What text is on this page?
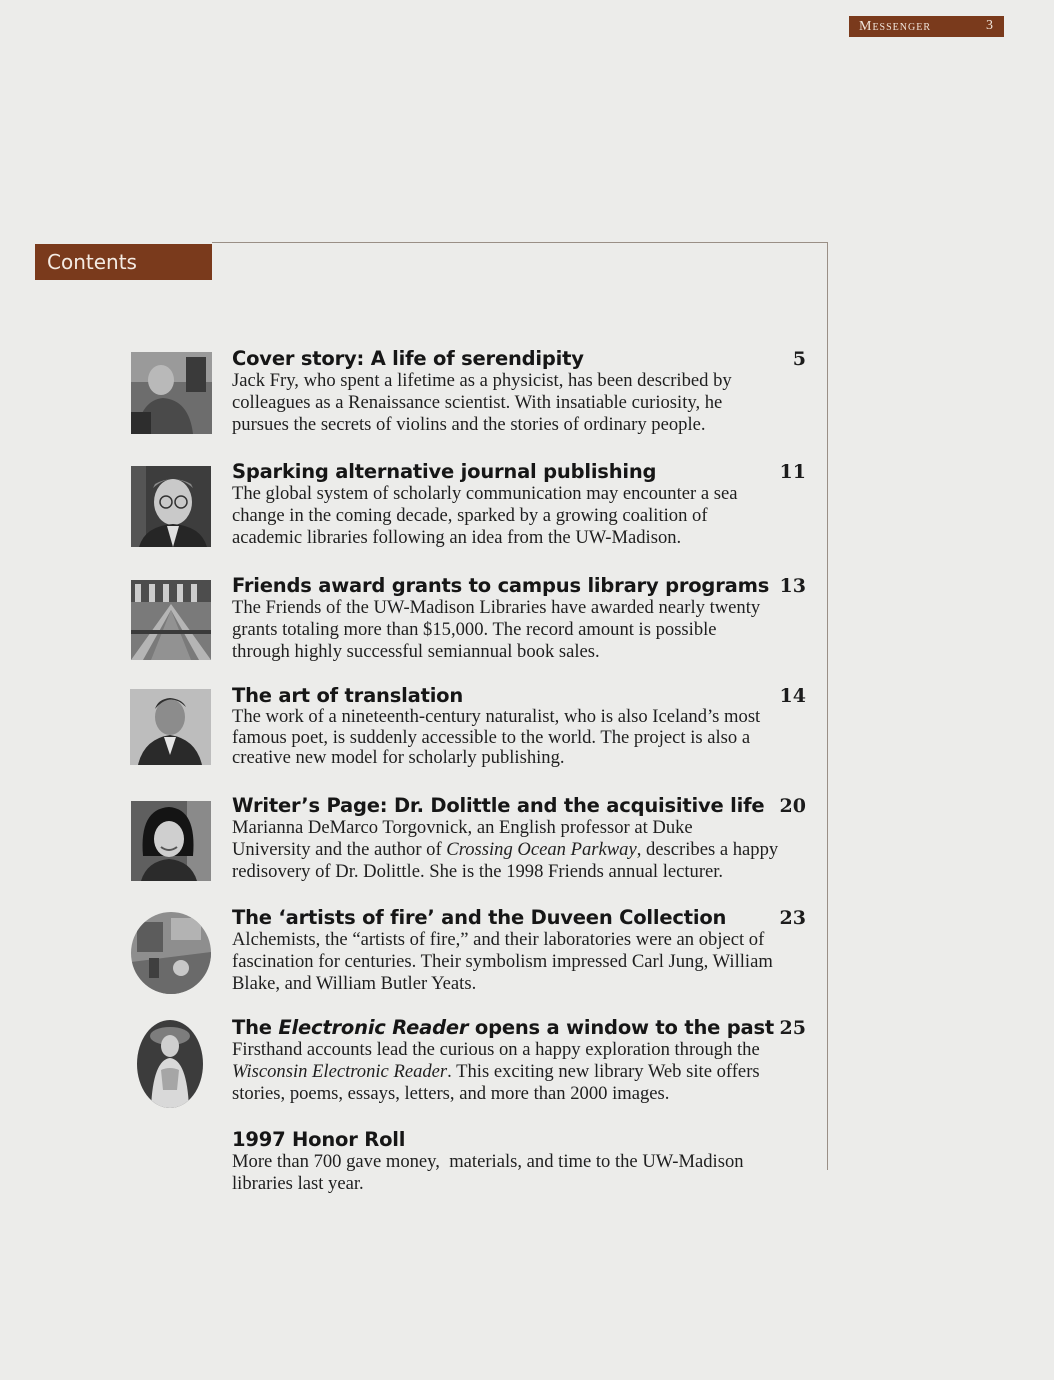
Messenger	3
Contents
Cover story: A life of serendipity	5
Jack Fry, who spent a lifetime as a physicist, has been described by
colleagues as a Renaissance scientist. With insatiable curiosity, he
pursues the secrets of violins and the stories of ordinary people.
Sparking alternative journal publishing	11
The global system of scholarly communication may encounter a sea
change in the coming decade, sparked by a growing coalition of
academic libraries following an idea from the UW-Madison.
Friends award grants to campus library programs 13
The Friends of the UW-Madison Libraries have awarded nearly twenty
grants totaling more than $15,000. The record amount is possible
through highly successful semiannual book sales.
The art of translation	14
The work of a nineteenth-century naturalist, who is also Iceland’s most
famous poet, is suddenly accessible to the world. The project is also a
creative new model for scholarly publishing.
Writer’s Page: Dr. Dolittle and the acquisitive life 20
Marianna DeMarco Torgovnick, an English professor at Duke
University and the author of Crossing Ocean Parkway, describes a happy
redisovery of Dr. Dolittle. She is the 1998 Friends annual lecturer.
The ‘artists of fire’ and the Duveen Collection	23
Alchemists, the “artists of fire,” and their laboratories were an object of
fascination for centuries. Their symbolism impressed Carl Jung, William
Blake, and William Butler Yeats.
The Electronic Reader opens a window to the past 25
Firsthand accounts lead the curious on a happy exploration through the
Wisconsin Electronic Reader. This exciting new library Web site offers
stories, poems, essays, letters, and more than 2000 images.
1997 Honor Roll
More than 700 gave money,  materials, and time to the UW-Madison
libraries last year.
